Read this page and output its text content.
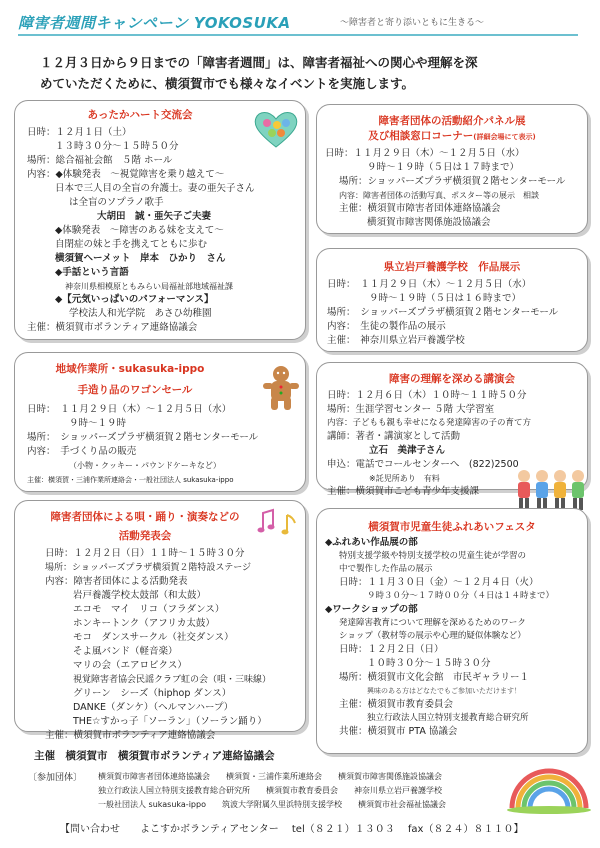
障害者週間キャンペーン YOKOSUKA	～障害者と寄り添いともに生きる～
１２月３日から９日までの「障害者週間」は、障害者福祉への関心や理解を深
めていただくために、横須賀市でも様々なイベントを実施します。
あったかハート交流会
日時：１２月１日（土）
１３時３０分～１５時５０分
場所：総合福祉会館　５階 ホール
内容：◆体験発表　～視覚障害を乗り越えて～
日本で三人目の全盲の弁護士。妻の亜矢子さん
は全盲のソプラノ歌手
大胡田　誠・亜矢子ご夫妻
◆体験発表　～障害のある妹を支えて～
自閉症の妹と手を携えてともに歩む
横須賀ヘーメット　岸本　ひかり　さん
◆手話という言語
神奈川県相模原ともみらい局福祉部地域福祉課
◆【元気いっぱいのパフォーマンス】
学校法人和光学院　あさひ幼稚園
主催：横須賀市ボランティア連絡協議会
障害者団体の活動紹介パネル展
及び相談窓口コーナー(詳細会場にて表示)
日時：１１月２９日（木）～１２月５日（水）
９時～１９時（５日は１７時まで）
場所：ショッパーズプラザ横須賀２階センターモール
内容：障害者団体の活動写真、ポスター等の展示　相談
主催：横須賀市障害者団体連絡協議会
横須賀市障害関係施設協議会
県立岩戸養護学校　作品展示
日時：　１１月２９日（木）～１２月５日（水）
９時～１９時（５日は１６時まで）
場所：　ショッパーズプラザ横須賀２階センターモール
内容：　生徒の製作品の展示
主催：　神奈川県立岩戸養護学校
地域作業所・sukasuka-ippo
手造り品のワゴンセール
日時：　１１月２９日（木）～１２月５日（水）
９時～１９時
場所：　ショッパーズプラザ横須賀２階センターモール
内容：　手づくり品の販売
（小物・クッキー・パウンドケーキなど）
主催：横須賀・三浦作業所連絡会・一般社団法人 sukasuka-ippo
障害の理解を深める講演会
日時：１２月６日（木）１０時～１１時５０分
場所：生涯学習センター ５階 大学習室
内容：子どもも親も幸せになる発達障害の子の育て方
講師：著者・講演家として活動
立石　美津子さん
申込：電話でコールセンターへ　(822)2500
※託児所あり　有料
主催：横須賀市こども青少年支援課
障害者団体による唄・踊り・演奏などの
活動発表会
日時：１２月２日（日）１１時～１５時３０分
場所：ショッパーズプラザ横須賀２階特設ステージ
内容：障害者団体による活動発表
岩戸養護学校太鼓部（和太鼓）
エコモ　マイ　リコ（フラダンス）
ホンキートンク（アフリカ太鼓）
モコ　ダンスサークル（社交ダンス）
そよ風バンド（軽音楽）
マリの会（エアロビクス）
視覚障害者協会民謡クラブ虹の会（唄・三味線）
グリーン　シーズ（hiphop ダンス）
DANKE（ダンケ）（ヘルマンハープ）
THE☆すかっ子「ソーラン」（ソーラン踊り）
主催：横須賀市ボランティア連絡協議会
横須賀市児童生徒ふれあいフェスタ
◆ふれあい作品展の部
特別支援学級や特別支援学校の児童生徒が学習の
中で製作した作品の展示
日時：１１月３０日（金）～１２月４日（火）
９時３０分～１７時００分（４日は１４時まで）
◆ワークショップの部
発達障害教育について理解を深めるためのワーク
ショップ（教材等の展示や心理的疑似体験など）
日時：１２月２日（日）
１０時３０分～１５時３０分
場所：横須賀市文化会館　市民ギャラリー１
興味のある方はどなたでもご参加いただけます！
主催：横須賀市教育委員会
独立行政法人国立特別支援教育総合研究所
共催：横須賀市 PTA 協議会
主催　横須賀市　横須賀市ボランティア連絡協議会
〔参加団体〕 横須賀市障害者団体連絡協議会　　横須賀・三浦作業所連絡会　　横須賀市障害関係施設協議会
独立行政法人国立特別支援教育総合研究所　　横須賀市教育委員会　　神奈川県立岩戸養護学校
一般社団法人 sukasuka-ippo　　筑波大学附属久里浜特別支援学校　　横須賀市社会福祉協議会
【問い合わせ　　よこすかボランティアセンター　 tel（８２１）１３０３　 fax（８２４）８１１０】
